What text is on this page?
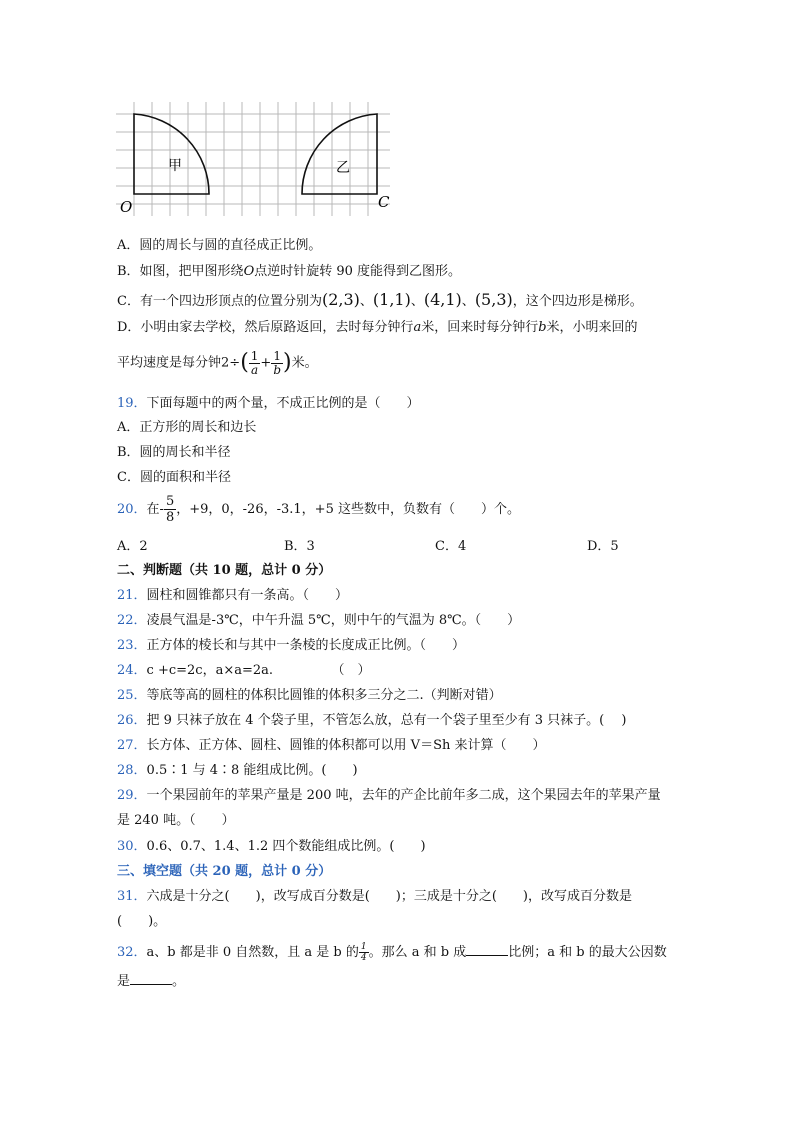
甲	乙
O	C
A．圆的周长与圆的直径成正比例。
B．如图，把甲图形绕O点逆时针旋转 90 度能得到乙图形。
C．有一个四边形顶点的位置分别为(2,3)、(1,1)、(4,1)、(5,3)，这个四边形是梯形。
D．小明由家去学校，然后原路返回，去时每分钟行a米，回来时每分钟行b米，小明来回的
平均速度是每分钟$2\div( \frac{1}{a} + \frac{1}{b}$ )米。
19．下面每题中的两个量，不成正比例的是（　　）
A．正方形的周长和边长
B．圆的周长和半径
C．圆的面积和半径
20．在- $\frac{5}{8}$ ，+9，0，-26，-3.1，+5 这些数中，负数有（　　）个。
A．2	B．3	C．4	D．5
二、判断题（共 10 题，总计 0 分）
21．圆柱和圆锥都只有一条高。（　　）
22．凌晨气温是-3℃，中午升温 5℃，则中午的气温为 8℃。（　　）
23．正方体的棱长和与其中一条棱的长度成正比例。（　　）
24．c +c=2c，a×a=2a.　　　　　（　）
25．等底等高的圆柱的体积比圆锥的体积多三分之二.（判断对错）
26．把 9 只袜子放在 4 个袋子里，不管怎么放，总有一个袋子里至少有 3 只袜子。(　 )
27．长方体、正方体、圆柱、圆锥的体积都可以用 V＝Sh 来计算（　　）
28．0.5∶1 与 4∶8 能组成比例。(　　)
29．一个果园前年的苹果产量是 200 吨，去年的产企比前年多二成，这个果园去年的苹果产量
是 240 吨。（　　）
30．0.6、0.7、1.4、1.2 四个数能组成比例。(　　)
三、填空题（共 20 题，总计 0 分）
31．六成是十分之(　　)，改写成百分数是(　　)；三成是十分之(　　)，改写成百分数是
(　　)。
32．a、b 都是非 0 自然数，且 a 是 b 的 $\frac{1}{4}$ 。那么 a 和 b 成	比例；a 和 b 的最大公因数
是	。
